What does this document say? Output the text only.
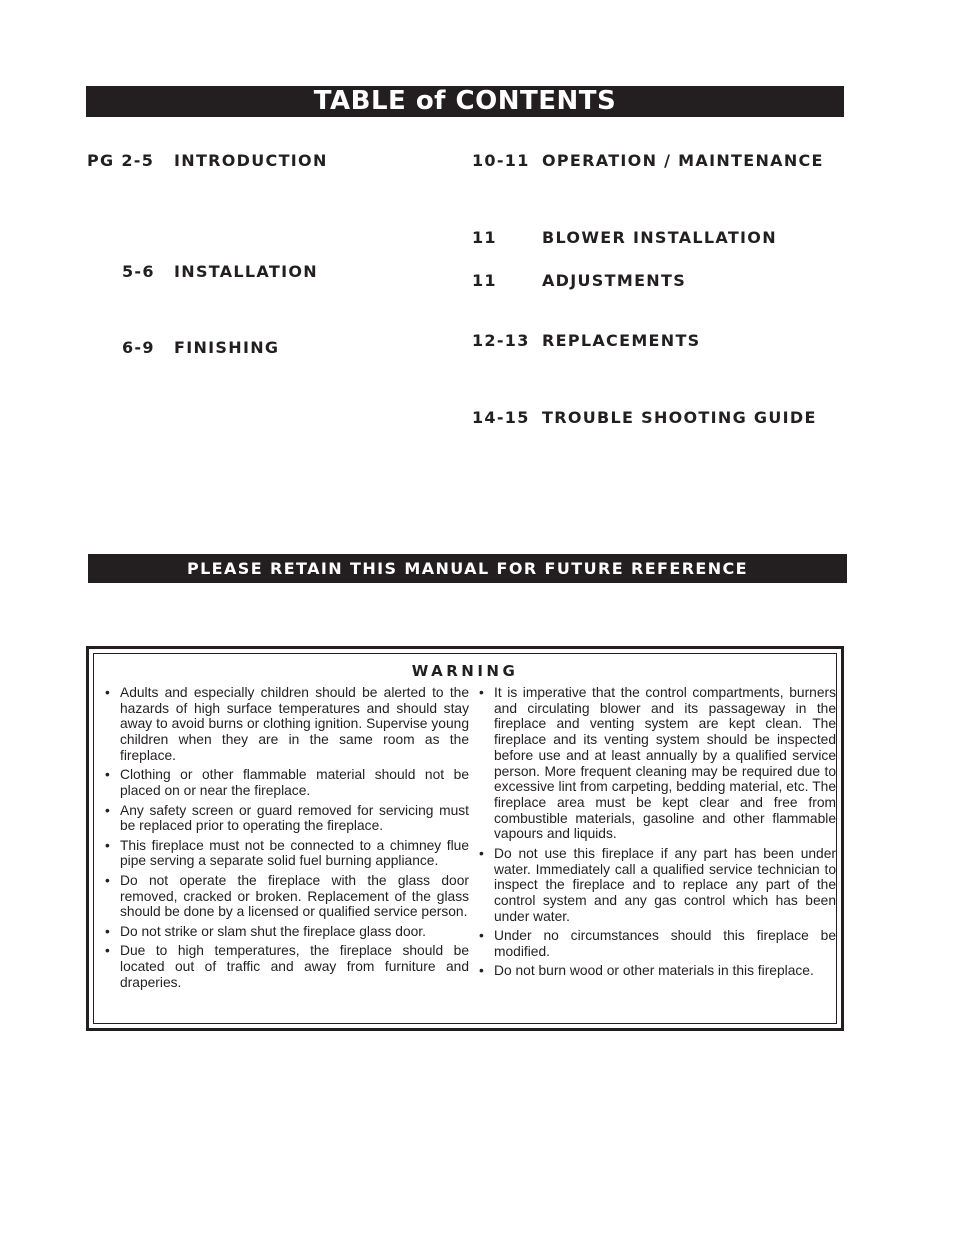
TABLE of CONTENTS
PG 2-5 INTRODUCTION
5-6 INSTALLATION
6-9 FINISHING
10-11 OPERATION / MAINTENANCE
11	BLOWER INSTALLATION
11	ADJUSTMENTS
12-13 REPLACEMENTS
14-15 TROUBLE SHOOTING GUIDE
PLEASE RETAIN THIS MANUAL FOR FUTURE REFERENCE
WARNING
• Adults and especially children should be alerted to the hazards of high surface temperatures and should stay away to avoid burns or clothing ignition. Supervise young children when they are in the same room as the fireplace.
• Clothing or other flammable material should not be placed on or near the fireplace.
• Any safety screen or guard removed for servicing must be replaced prior to operating the fireplace.
• This fireplace must not be connected to a chimney flue pipe serving a separate solid fuel burning appliance.
• Do not operate the fireplace with the glass door removed, cracked or broken. Replacement of the glass should be done by a licensed or qualified service person.
• Do not strike or slam shut the fireplace glass door.
• Due to high temperatures, the fireplace should be located out of traffic and away from furniture and draperies.
• It is imperative that the control compartments, burners and circulating blower and its passageway in the fireplace and venting system are kept clean. The fireplace and its venting system should be inspected before use and at least annually by a qualified service person. More frequent cleaning may be required due to excessive lint from carpeting, bedding material, etc. The fireplace area must be kept clear and free from combustible materials, gasoline and other flammable vapours and liquids.
• Do not use this fireplace if any part has been under water. Immediately call a qualified service technician to inspect the fireplace and to replace any part of the control system and any gas control which has been under water.
• Under no circumstances should this fireplace be modified.
• Do not burn wood or other materials in this fireplace.
